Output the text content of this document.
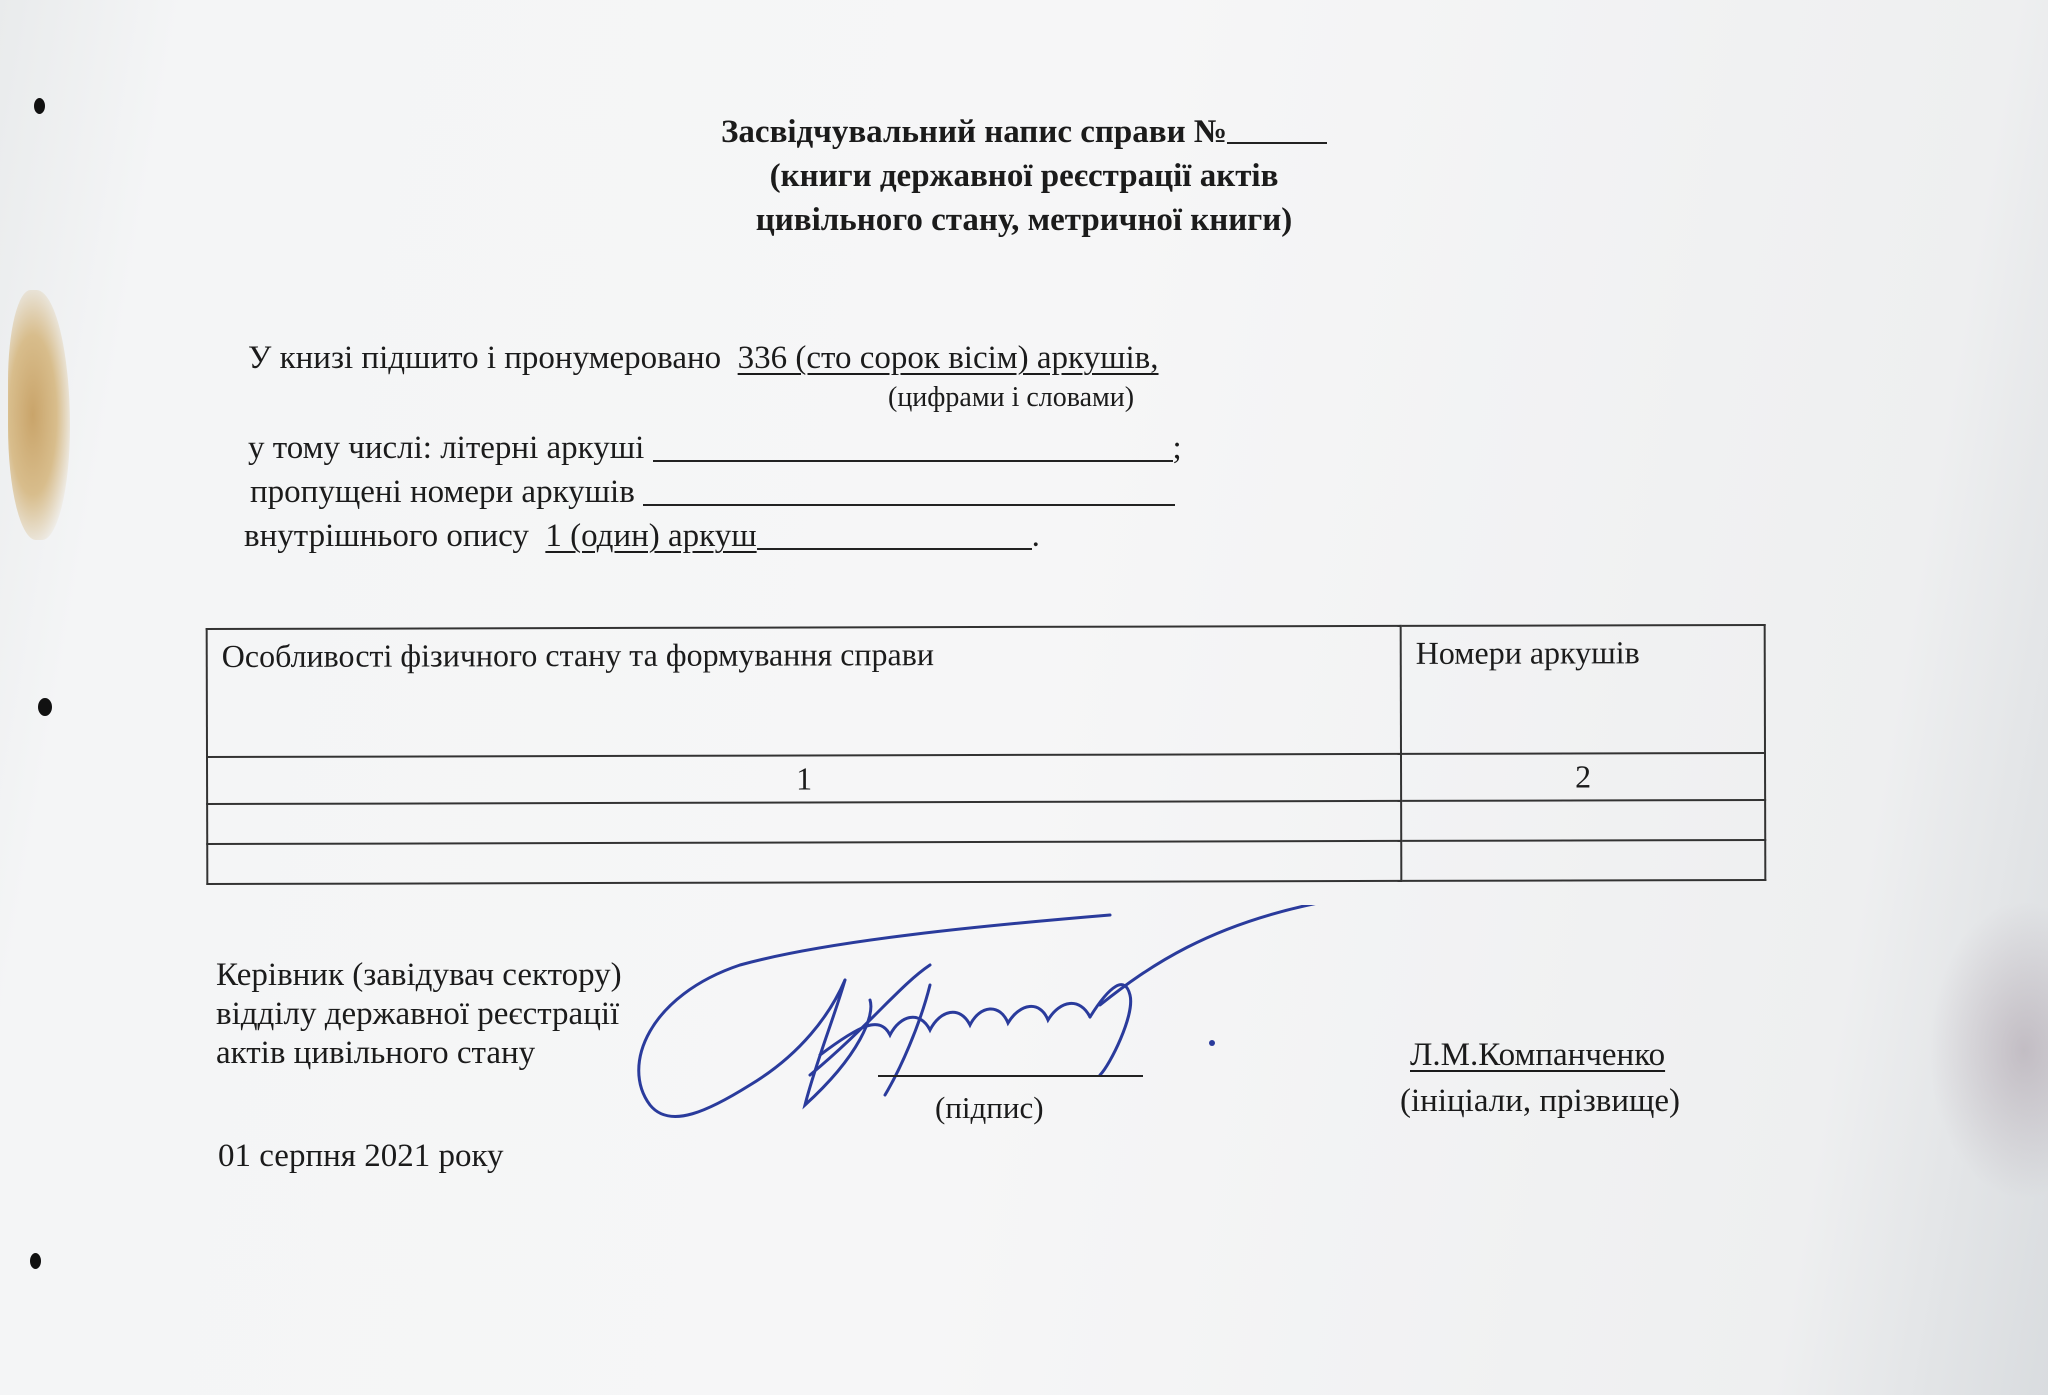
Засвідчувальний напис справи №
(книги державної реєстрації актів
цивільного стану, метричної книги)
У книзі підшито і пронумеровано 336 (сто сорок вісім) аркушів,
(цифрами і словами)
у тому числі: літерні аркуші	;
пропущені номери аркушів
внутрішнього опису 1 (один) аркуш	.
Особливості фізичного стану та формування справи	Номери аркушів
1	2

Керівник (завідувач сектору)
відділу державної реєстрації
актів цивільного стану
(підпис)
Л.М.Компанченко
(ініціали, прізвище)
01 серпня 2021 року
